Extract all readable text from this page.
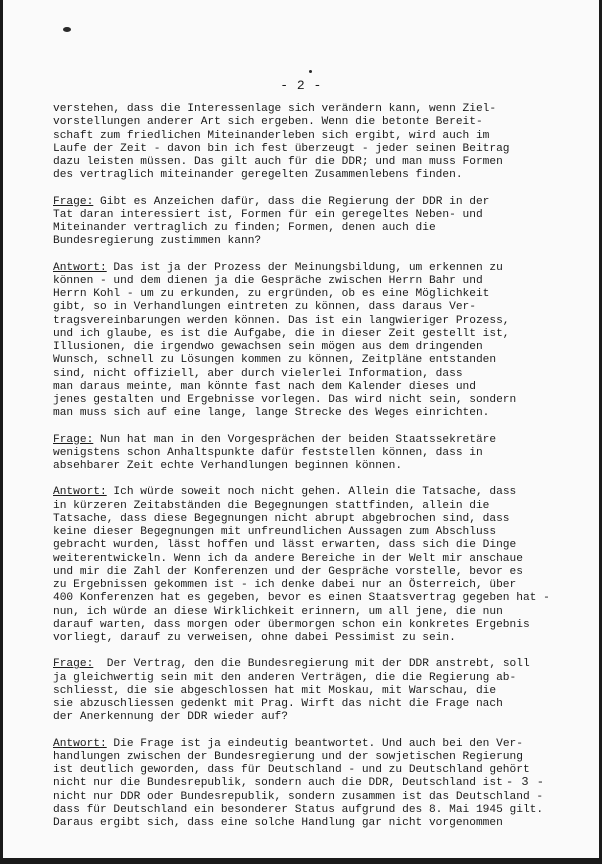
- 2 -
verstehen, dass die Interessenlage sich verändern kann, wenn Ziel-
vorstellungen anderer Art sich ergeben. Wenn die betonte Bereit-
schaft zum friedlichen Miteinanderleben sich ergibt, wird auch im
Laufe der Zeit - davon bin ich fest überzeugt - jeder seinen Beitrag
dazu leisten müssen. Das gilt auch für die DDR; und man muss Formen
des vertraglich miteinander geregelten Zusammenlebens finden.
Frage: Gibt es Anzeichen dafür, dass die Regierung der DDR in der
Tat daran interessiert ist, Formen für ein geregeltes Neben- und
Miteinander vertraglich zu finden; Formen, denen auch die
Bundesregierung zustimmen kann?
Antwort: Das ist ja der Prozess der Meinungsbildung, um erkennen zu
können - und dem dienen ja die Gespräche zwischen Herrn Bahr und
Herrn Kohl - um zu erkunden, zu ergründen, ob es eine Möglichkeit
gibt, so in Verhandlungen eintreten zu können, dass daraus Ver-
tragsvereinbarungen werden können. Das ist ein langwieriger Prozess,
und ich glaube, es ist die Aufgabe, die in dieser Zeit gestellt ist,
Illusionen, die irgendwo gewachsen sein mögen aus dem dringenden
Wunsch, schnell zu Lösungen kommen zu können, Zeitpläne entstanden
sind, nicht offiziell, aber durch vielerlei Information, dass
man daraus meinte, man könnte fast nach dem Kalender dieses und
jenes gestalten und Ergebnisse vorlegen. Das wird nicht sein, sondern
man muss sich auf eine lange, lange Strecke des Weges einrichten.
Frage: Nun hat man in den Vorgesprächen der beiden Staatssekretäre
wenigstens schon Anhaltspunkte dafür feststellen können, dass in
absehbarer Zeit echte Verhandlungen beginnen können.
Antwort: Ich würde soweit noch nicht gehen. Allein die Tatsache, dass
in kürzeren Zeitabständen die Begegnungen stattfinden, allein die
Tatsache, dass diese Begegnungen nicht abrupt abgebrochen sind, dass
keine dieser Begegnungen mit unfreundlichen Aussagen zum Abschluss
gebracht wurden, lässt hoffen und lässt erwarten, dass sich die Dinge
weiterentwickeln. Wenn ich da andere Bereiche in der Welt mir anschaue
und mir die Zahl der Konferenzen und der Gespräche vorstelle, bevor es
zu Ergebnissen gekommen ist - ich denke dabei nur an Österreich, über
400 Konferenzen hat es gegeben, bevor es einen Staatsvertrag gegeben hat -
nun, ich würde an diese Wirklichkeit erinnern, um all jene, die nun
darauf warten, dass morgen oder übermorgen schon ein konkretes Ergebnis
vorliegt, darauf zu verweisen, ohne dabei Pessimist zu sein.
Frage:  Der Vertrag, den die Bundesregierung mit der DDR anstrebt, soll
ja gleichwertig sein mit den anderen Verträgen, die die Regierung ab-
schliesst, die sie abgeschlossen hat mit Moskau, mit Warschau, die
sie abzuschliessen gedenkt mit Prag. Wirft das nicht die Frage nach
der Anerkennung der DDR wieder auf?
Antwort: Die Frage ist ja eindeutig beantwortet. Und auch bei den Ver-
handlungen zwischen der Bundesregierung und der sowjetischen Regierung
ist deutlich geworden, dass für Deutschland - und zu Deutschland gehört
nicht nur die Bundesrepublik, sondern auch die DDR, Deutschland ist
nicht nur DDR oder Bundesrepublik, sondern zusammen ist das Deutschland -
dass für Deutschland ein besonderer Status aufgrund des 8. Mai 1945 gilt.
Daraus ergibt sich, dass eine solche Handlung gar nicht vorgenommen
- 3 -
